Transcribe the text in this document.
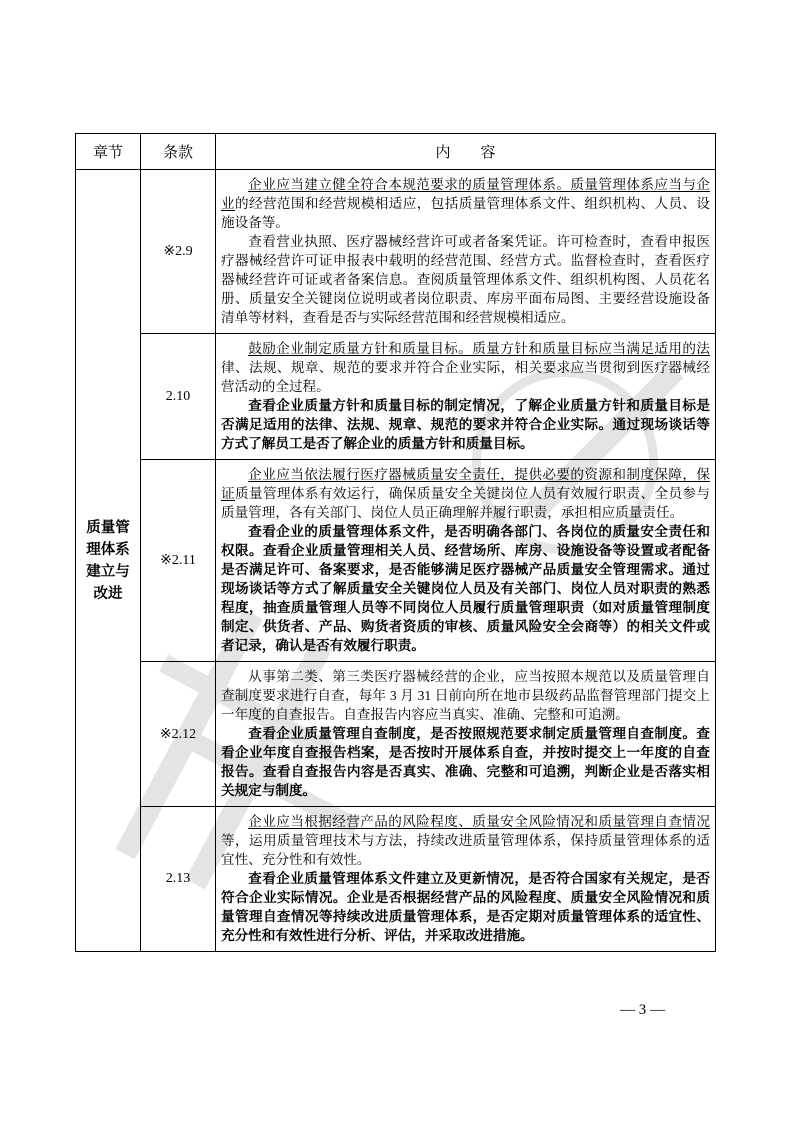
章节	条款	内　　容
质量管理体系建立与改进	※2.9	企业应当建立健全符合本规范要求的质量管理体系。质量管理体系应当与企业的经营范围和经营规模相适应，包括质量管理体系文件、组织机构、人员、设施设备等。

查看营业执照、医疗器械经营许可或者备案凭证。许可检查时，查看申报医疗器械经营许可证申报表中载明的经营范围、经营方式。监督检查时，查看医疗器械经营许可证或者备案信息。查阅质量管理体系文件、组织机构图、人员花名册、质量安全关键岗位说明或者岗位职责、库房平面布局图、主要经营设施设备清单等材料，查看是否与实际经营范围和经营规模相适应。

	2.10	鼓励企业制定质量方针和质量目标。质量方针和质量目标应当满足适用的法律、法规、规章、规范的要求并符合企业实际，相关要求应当贯彻到医疗器械经营活动的全过程。

查看企业质量方针和质量目标的制定情况，了解企业质量方针和质量目标是否满足适用的法律、法规、规章、规范的要求并符合企业实际。通过现场谈话等方式了解员工是否了解企业的质量方针和质量目标。

	※2.11	企业应当依法履行医疗器械质量安全责任，提供必要的资源和制度保障，保证质量管理体系有效运行，确保质量安全关键岗位人员有效履行职责、全员参与质量管理，各有关部门、岗位人员正确理解并履行职责，承担相应质量责任。

查看企业的质量管理体系文件，是否明确各部门、各岗位的质量安全责任和权限。查看企业质量管理相关人员、经营场所、库房、设施设备等设置或者配备是否满足许可、备案要求，是否能够满足医疗器械产品质量安全管理需求。通过现场谈话等方式了解质量安全关键岗位人员及有关部门、岗位人员对职责的熟悉程度，抽查质量管理人员等不同岗位人员履行质量管理职责（如对质量管理制度制定、供货者、产品、购货者资质的审核、质量风险安全会商等）的相关文件或者记录，确认是否有效履行职责。

	※2.12	从事第二类、第三类医疗器械经营的企业，应当按照本规范以及质量管理自查制度要求进行自查，每年 3 月 31 日前向所在地市县级药品监督管理部门提交上一年度的自查报告。自查报告内容应当真实、准确、完整和可追溯。

查看企业质量管理自查制度，是否按照规范要求制定质量管理自查制度。查看企业年度自查报告档案，是否按时开展体系自查，并按时提交上一年度的自查报告。查看自查报告内容是否真实、准确、完整和可追溯，判断企业是否落实相关规定与制度。

	2.13	企业应当根据经营产品的风险程度、质量安全风险情况和质量管理自查情况等，运用质量管理技术与方法，持续改进质量管理体系，保持质量管理体系的适宜性、充分性和有效性。

查看企业质量管理体系文件建立及更新情况，是否符合国家有关规定，是否符合企业实际情况。企业是否根据经营产品的风险程度、质量安全风险情况和质量管理自查情况等持续改进质量管理体系，是否定期对质量管理体系的适宜性、充分性和有效性进行分析、评估，并采取改进措施。

— 3 —
